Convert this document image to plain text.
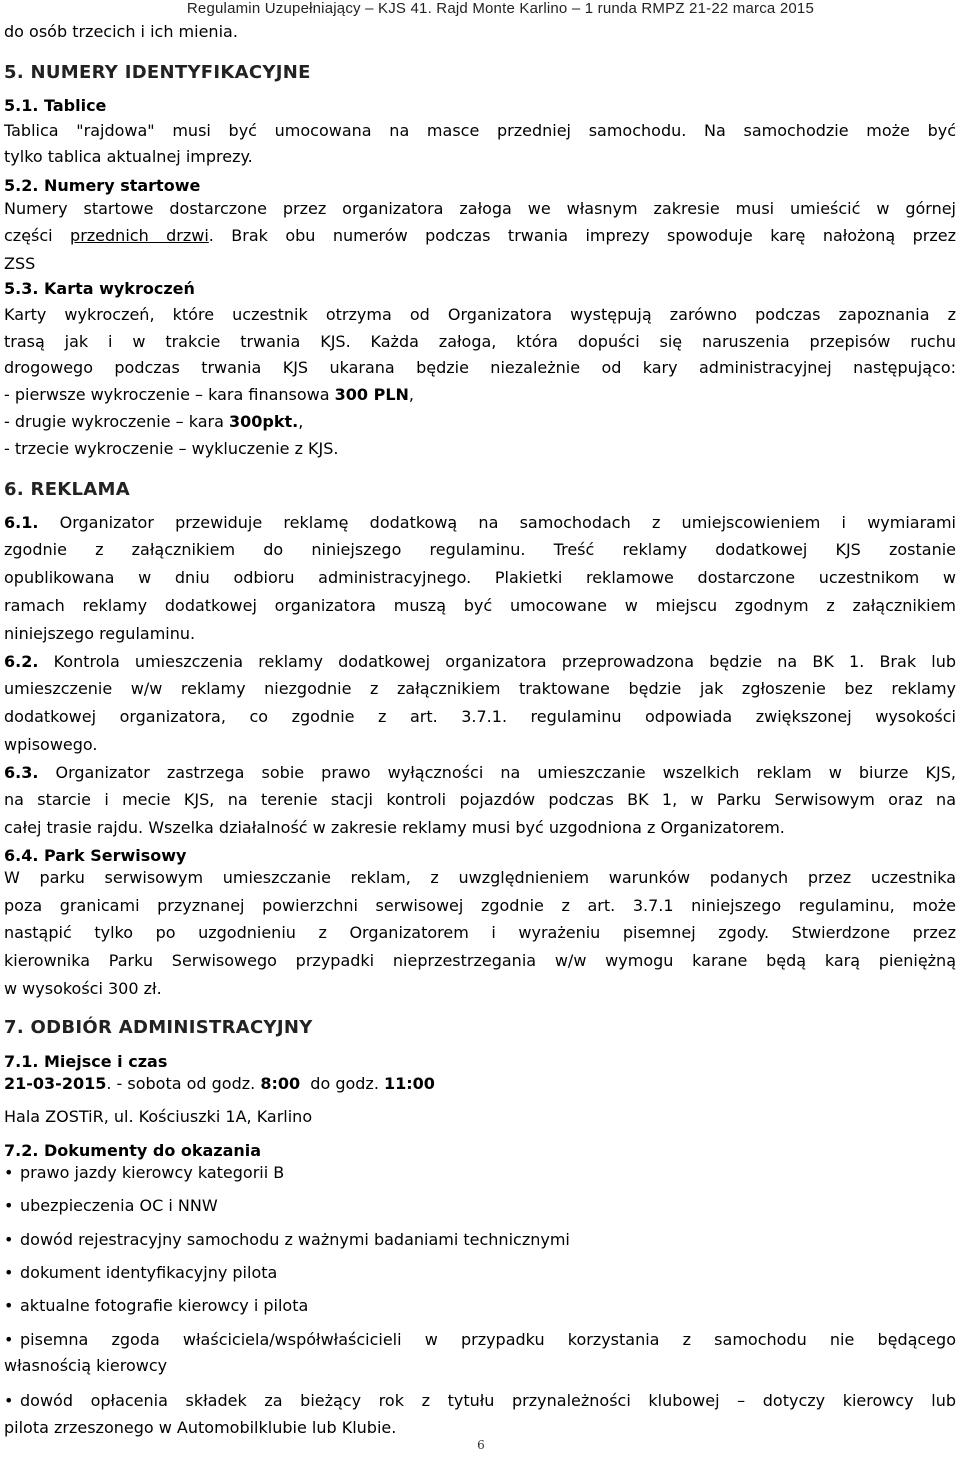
Regulamin Uzupełniający – KJS 41. Rajd Monte Karlino – 1 runda RMPZ 21-22 marca 2015
do osób trzecich i ich mienia.
5. NUMERY IDENTYFIKACYJNE
5.1. Tablice
Tablica "rajdowa" musi być umocowana na masce przedniej samochodu. Na samochodzie może być
tylko tablica aktualnej imprezy.
5.2. Numery startowe
Numery startowe dostarczone przez organizatora załoga we własnym zakresie musi umieścić w górnej
części przednich drzwi. Brak obu numerów podczas trwania imprezy spowoduje karę nałożoną przez
ZSS
5.3. Karta wykroczeń
Karty wykroczeń, które uczestnik otrzyma od Organizatora występują zarówno podczas zapoznania z
trasą jak i w trakcie trwania KJS. Każda załoga, która dopuści się naruszenia przepisów ruchu
drogowego podczas trwania KJS ukarana będzie niezależnie od kary administracyjnej następująco:
- pierwsze wykroczenie – kara finansowa 300 PLN,
- drugie wykroczenie – kara 300pkt.,
- trzecie wykroczenie – wykluczenie z KJS.
6. REKLAMA
6.1. Organizator przewiduje reklamę dodatkową na samochodach z umiejscowieniem i wymiarami
zgodnie z załącznikiem do niniejszego regulaminu. Treść reklamy dodatkowej KJS zostanie
opublikowana w dniu odbioru administracyjnego. Plakietki reklamowe dostarczone uczestnikom w
ramach reklamy dodatkowej organizatora muszą być umocowane w miejscu zgodnym z załącznikiem
niniejszego regulaminu.
6.2. Kontrola umieszczenia reklamy dodatkowej organizatora przeprowadzona będzie na BK 1. Brak lub
umieszczenie w/w reklamy niezgodnie z załącznikiem traktowane będzie jak zgłoszenie bez reklamy
dodatkowej organizatora, co zgodnie z art. 3.7.1. regulaminu odpowiada zwiększonej wysokości
wpisowego.
6.3. Organizator zastrzega sobie prawo wyłączności na umieszczanie wszelkich reklam w biurze KJS,
na starcie i mecie KJS, na terenie stacji kontroli pojazdów podczas BK 1, w Parku Serwisowym oraz na
całej trasie rajdu. Wszelka działalność w zakresie reklamy musi być uzgodniona z Organizatorem.
6.4. Park Serwisowy
W parku serwisowym umieszczanie reklam, z uwzględnieniem warunków podanych przez uczestnika
poza granicami przyznanej powierzchni serwisowej zgodnie z art. 3.7.1 niniejszego regulaminu, może
nastąpić tylko po uzgodnieniu z Organizatorem i wyrażeniu pisemnej zgody. Stwierdzone przez
kierownika Parku Serwisowego przypadki nieprzestrzegania w/w wymogu karane będą karą pieniężną
w wysokości 300 zł.
7. ODBIÓR ADMINISTRACYJNY
7.1. Miejsce i czas
21-03-2015. - sobota od godz. 8:00  do godz. 11:00
Hala ZOSTiR, ul. Kościuszki 1A, Karlino
7.2. Dokumenty do okazania
• prawo jazdy kierowcy kategorii B
• ubezpieczenia OC i NNW
• dowód rejestracyjny samochodu z ważnymi badaniami technicznymi
• dokument identyfikacyjny pilota
• aktualne fotografie kierowcy i pilota
• pisemna zgoda właściciela/współwłaścicieli w przypadku korzystania z samochodu nie będącego
własnością kierowcy
• dowód opłacenia składek za bieżący rok z tytułu przynależności klubowej – dotyczy kierowcy lub
pilota zrzeszonego w Automobilklubie lub Klubie.
6
